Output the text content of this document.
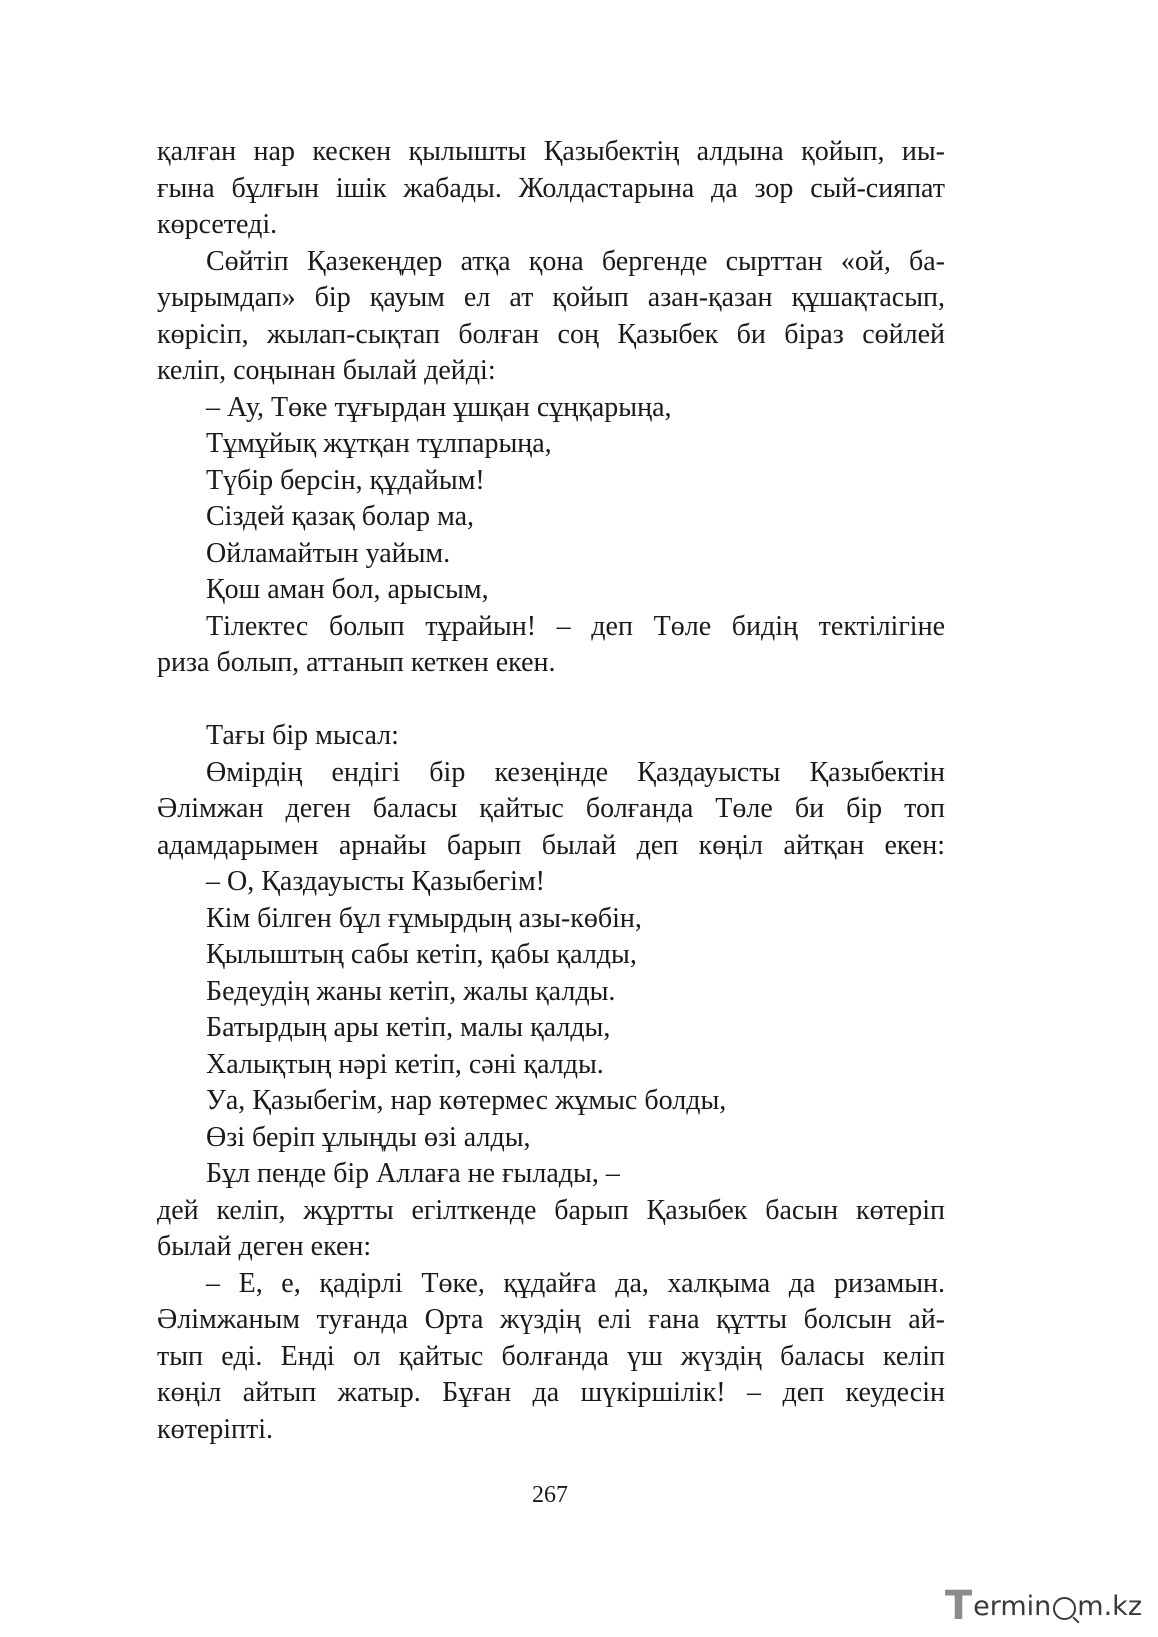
қалған нар кескен қылышты Қазыбектің алдына қойып, иы-
ғына бұлғын ішік жабады. Жолдастарына да зор сый-сияпат
көрсетеді.
Сөйтіп Қазекеңдер атқа қона бергенде сырттан «ой, ба-
уырымдап» бір қауым ел ат қойып азан-қазан құшақтасып,
көрісіп, жылап-сықтап болған соң Қазыбек би біраз сөйлей
келіп, соңынан былай дейді:
– Ау, Төке тұғырдан ұшқан сұңқарыңа,
Тұмұйық жұтқан тұлпарыңа,
Түбір берсін, құдайым!
Сіздей қазақ болар ма,
Ойламайтын уайым.
Қош аман бол, арысым,
Тілектес болып тұрайын! – деп Төле бидің тектілігіне
риза болып, аттанып кеткен екен.
Тағы бір мысал:
Өмірдің ендігі бір кезеңінде Қаздауысты Қазыбектін
Әлімжан деген баласы қайтыс болғанда Төле би бір топ
адамдарымен арнайы барып былай деп көңіл айтқан екен:
– О, Қаздауысты Қазыбегім!
Кім білген бұл ғұмырдың азы-көбін,
Қылыштың сабы кетіп, қабы қалды,
Бедеудің жаны кетіп, жалы қалды.
Батырдың ары кетіп, малы қалды,
Халықтың нәрі кетіп, сәні қалды.
Уа, Қазыбегім, нар көтермес жұмыс болды,
Өзі беріп ұлыңды өзі алды,
Бұл пенде бір Аллаға не ғылады, –
дей келіп, жұртты егілткенде барып Қазыбек басын көтеріп
былай деген екен:
– Е, е, қадірлі Төке, құдайға да, халқыма да ризамын.
Әлімжаным туғанда Орта жүздің елі ғана құтты болсын ай-
тып еді. Енді ол қайтыс болғанда үш жүздің баласы келіп
көңіл айтып жатыр. Бұған да шүкіршілік! – деп кеудесін
көтеріпті.
267
T ermin m.kz
